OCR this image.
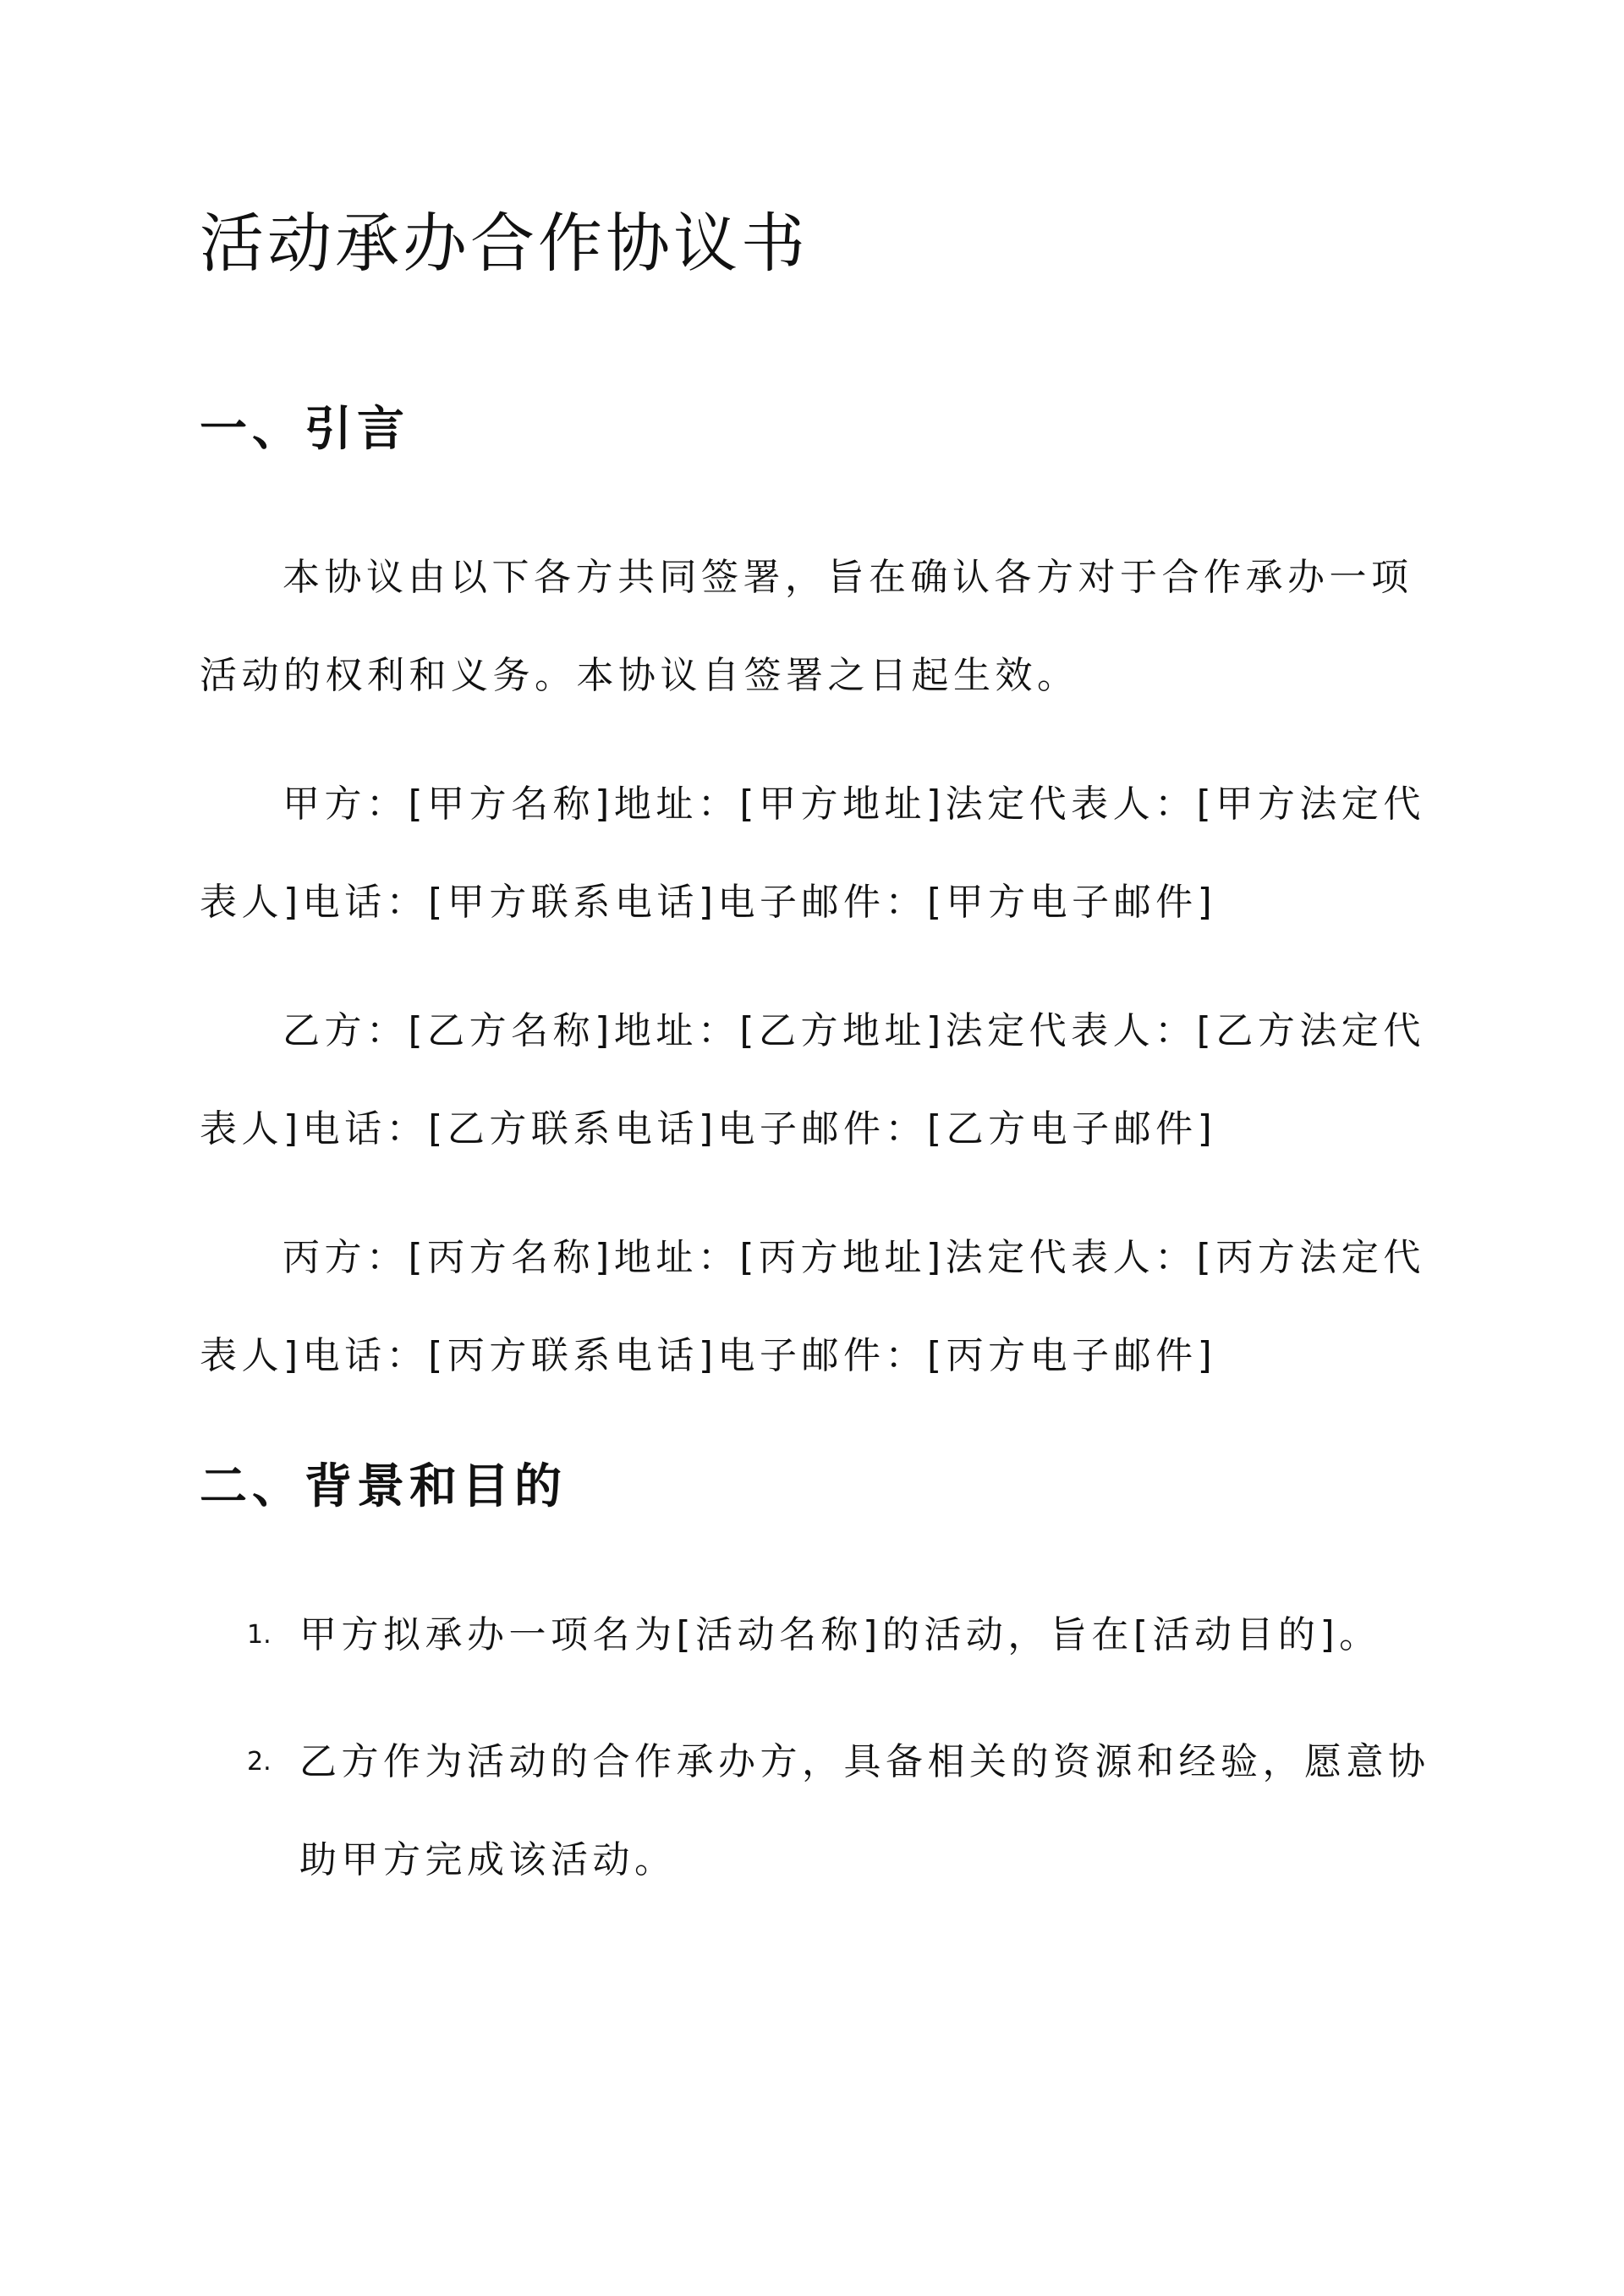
活动承办合作协议书
一、引言

本协议由以下各方共同签署，旨在确认各方对于合作承办一项活动的权利和义务。本协议自签署之日起生效。

甲方：[甲方名称]地址：[甲方地址]法定代表人：[甲方法定代表人]电话：[甲方联系电话]电子邮件：[甲方电子邮件]

乙方：[乙方名称]地址：[乙方地址]法定代表人：[乙方法定代表人]电话：[乙方联系电话]电子邮件：[乙方电子邮件]

丙方：[丙方名称]地址：[丙方地址]法定代表人：[丙方法定代表人]电话：[丙方联系电话]电子邮件：[丙方电子邮件]

二、背景和目的
1. 甲方拟承办一项名为[活动名称]的活动，旨在[活动目的]。
2. 乙方作为活动的合作承办方，具备相关的资源和经验，愿意协助甲方完成该活动。
